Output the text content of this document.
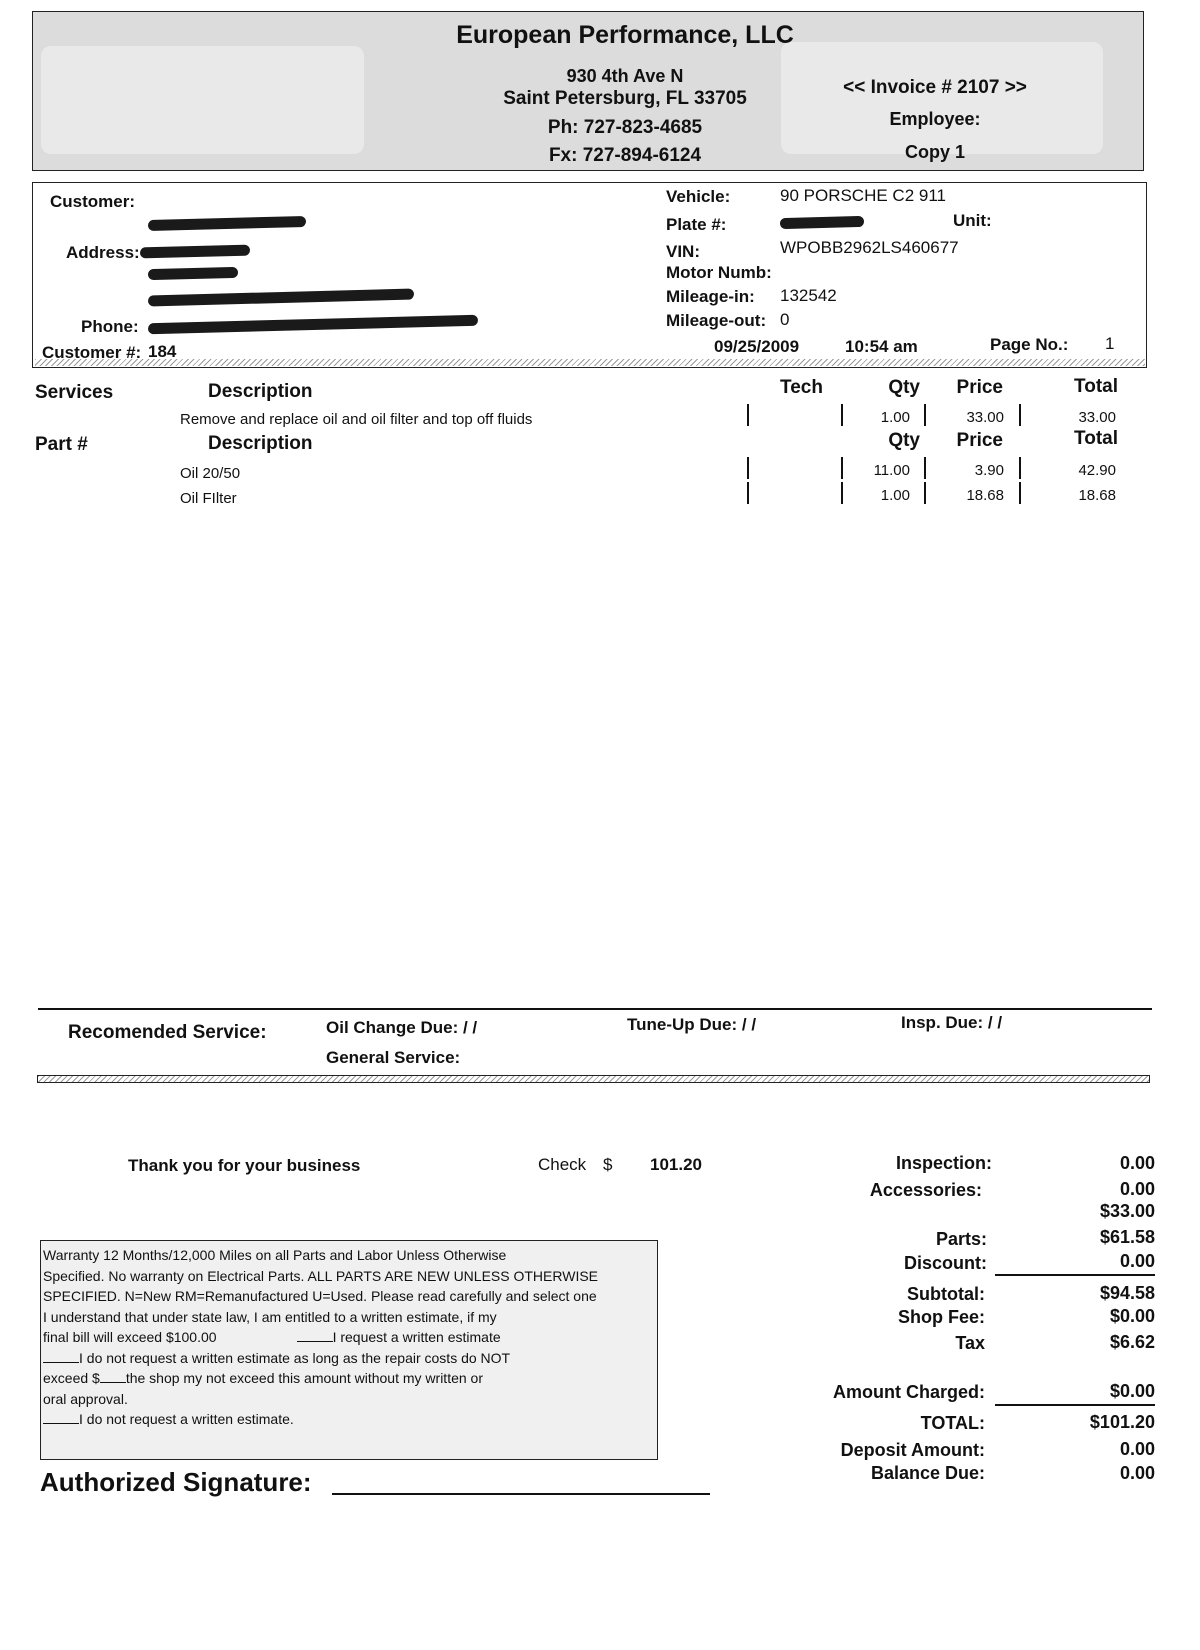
European Performance, LLC
930 4th Ave N
Saint Petersburg, FL 33705
Ph: 727-823-4685
Fx: 727-894-6124
<< Invoice # 2107 >>
Employee:
Copy 1
Customer:
Address:
Phone:
Customer #: 184
Vehicle:	90 PORSCHE C2 911
Plate #:	Unit:
VIN:	WPOBB2962LS460677
Motor Numb:
Mileage-in: 132542
Mileage-out: 0
09/25/2009	10:54 am	Page No.: 1
Services	Description	Tech	Qty	Price	Total
Remove and replace oil and oil filter and top off fluids	1.00	33.00	33.00
Part #	Description	Qty	Price	Total
Oil 20/50	11.00	3.90	42.90
Oil FIlter	1.00	18.68	18.68
Recomended Service:	Oil Change Due: / /	Tune-Up Due: / /	Insp. Due: / /
General Service:
Thank you for your business	Check $ 101.20
Warranty 12 Months/12,000 Miles on all Parts and Labor Unless Otherwise
Specified. No warranty on Electrical Parts. ALL PARTS ARE NEW UNLESS OTHERWISE
SPECIFIED. N=New RM=Remanufactured U=Used. Please read carefully and select one
I understand that under state law, I am entitled to a written estimate, if my
final bill will exceed $100.00	I request a written estimate
I do not request a written estimate as long as the repair costs do NOT
exceed $ the shop my not exceed this amount without my written or
oral approval.
I do not request a written estimate.
Authorized Signature:
Inspection:	0.00
Accessories:	0.00
$33.00
Parts:	$61.58
Discount:	0.00
Subtotal:	$94.58
Shop Fee:	$0.00
Tax	$6.62
Amount Charged:	$0.00
TOTAL:	$101.20
Deposit Amount:	0.00
Balance Due:	0.00
